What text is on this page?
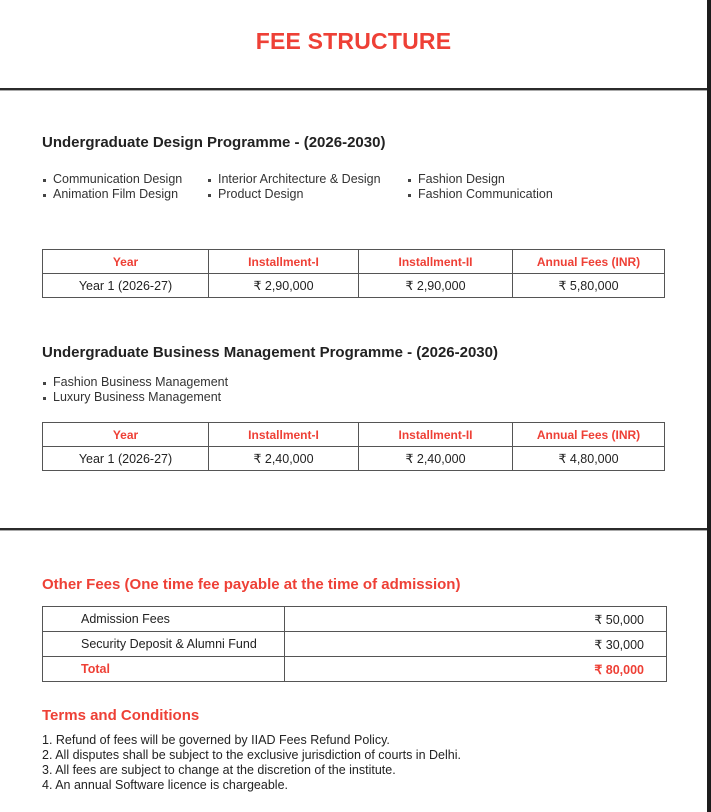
FEE STRUCTURE
Undergraduate Design Programme - (2026-2030)
Communication Design
Animation Film Design
Interior Architecture & Design
Product Design
Fashion Design
Fashion Communication
Year	Installment-I	Installment-II	Annual Fees (INR)
Year 1 (2026-27)	₹ 2,90,000	₹ 2,90,000	₹ 5,80,000
Undergraduate Business Management Programme - (2026-2030)
Fashion Business Management
Luxury Business Management
Year	Installment-I	Installment-II	Annual Fees (INR)
Year 1 (2026-27)	₹ 2,40,000	₹ 2,40,000	₹ 4,80,000
Other Fees (One time fee payable at the time of admission)
Admission Fees	₹ 50,000
Security Deposit & Alumni Fund	₹ 30,000
Total	₹ 80,000
Terms and Conditions
1. Refund of fees will be governed by IIAD Fees Refund Policy.
2. All disputes shall be subject to the exclusive jurisdiction of courts in Delhi.
3. All fees are subject to change at the discretion of the institute.
4. An annual Software licence is chargeable.
